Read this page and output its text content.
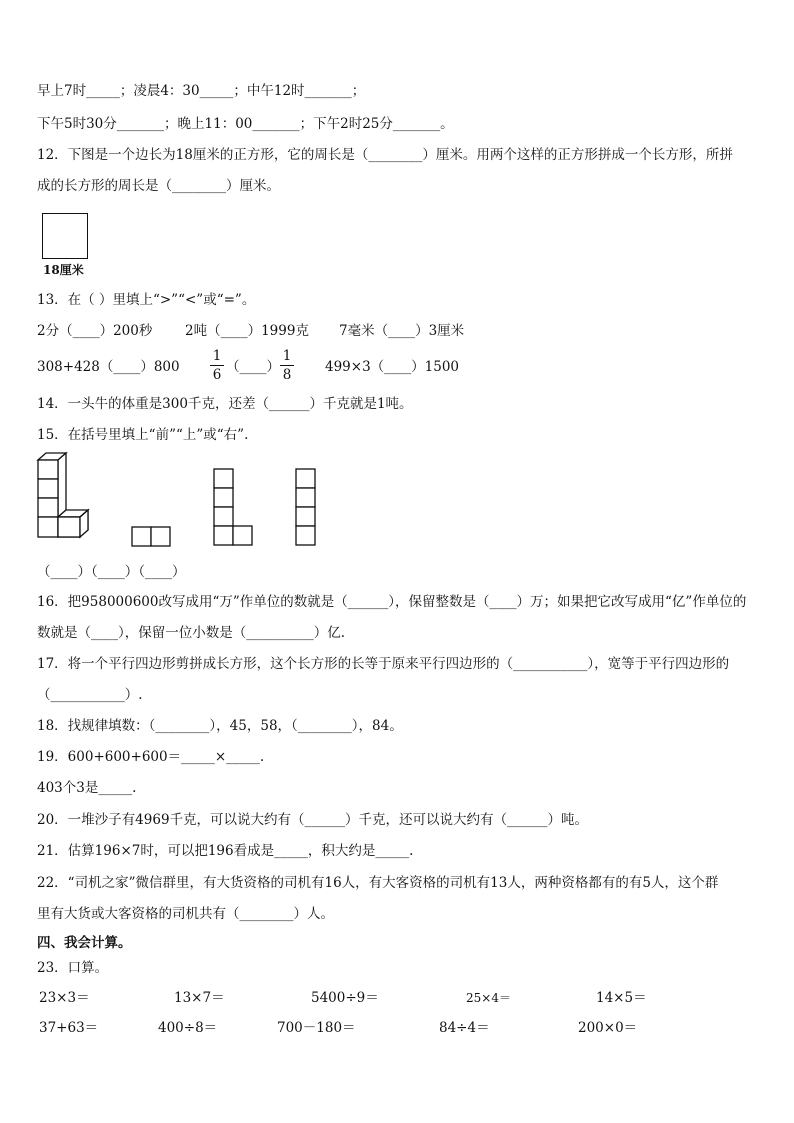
早上7时_____；凌晨4：30_____；中午12时_______；
下午5时30分_______；晚上11：00_______；下午2时25分_______。
12．下图是一个边长为18厘米的正方形，它的周长是（________）厘米。用两个这样的正方形拼成一个长方形，所拼
成的长方形的周长是（________）厘米。
18厘米
13．在（ ）里填上“>”“<”或“=”。
2分（____）200秒 2吨（____）1999克 7毫米（____）3厘米
308+428（____）800
1
6 （____）
1
8 499×3（____）1500
14．一头牛的体重是300千克，还差（______）千克就是1吨。
15．在括号里填上“前”“上”或“右”.
（____）（____）（____）
16．把958000600改写成用“万”作单位的数就是（______），保留整数是（____）万；如果把它改写成用“亿”作单位的
数就是（____），保留一位小数是（__________）亿.
17．将一个平行四边形剪拼成长方形，这个长方形的长等于原来平行四边形的（___________），宽等于平行四边形的
（___________）.
18．找规律填数：（________），45，58，（________），84。
19．600+600+600＝_____×_____.
403个3是_____.
20．一堆沙子有4969千克，可以说大约有（______）千克，还可以说大约有（______）吨。
21．估算196×7时，可以把196看成是_____，积大约是_____.
22．“司机之家”微信群里，有大货资格的司机有16人，有大客资格的司机有13人，两种资格都有的有5人，这个群
里有大货或大客资格的司机共有（________）人。
四、我会计算。
23．口算。
23×3＝	13×7＝	5400÷9＝	25×4＝	14×5＝
37+63＝	400÷8＝	700－180＝	84÷4＝	200×0＝
